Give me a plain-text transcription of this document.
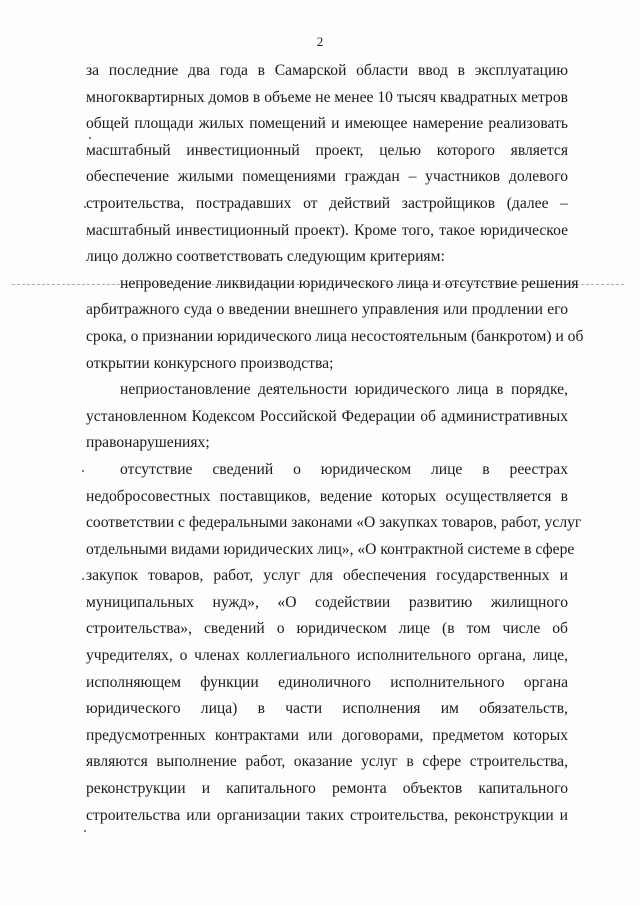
2
за последние два года в Самарской области ввод в эксплуатацию
многоквартирных домов в объеме не менее 10 тысяч квадратных метров
общей площади жилых помещений и имеющее намерение реализовать
масштабный инвестиционный проект, целью которого является
обеспечение жилыми помещениями граждан – участников долевого
строительства, пострадавших от действий застройщиков (далее –
масштабный инвестиционный проект). Кроме того, такое юридическое
лицо должно соответствовать следующим критериям:
непроведение ликвидации юридического лица и отсутствие решения
арбитражного суда о введении внешнего управления или продлении его
срока, о признании юридического лица несостоятельным (банкротом) и об
открытии конкурсного производства;
неприостановление деятельности юридического лица в порядке,
установленном Кодексом Российской Федерации об административных
правонарушениях;
отсутствие сведений о юридическом лице в реестрах
недобросовестных поставщиков, ведение которых осуществляется в
соответствии с федеральными законами «О закупках товаров, работ, услуг
отдельными видами юридических лиц», «О контрактной системе в сфере
закупок товаров, работ, услуг для обеспечения государственных и
муниципальных нужд», «О содействии развитию жилищного
строительства», сведений о юридическом лице (в том числе об
учредителях, о членах коллегиального исполнительного органа, лице,
исполняющем функции единоличного исполнительного органа
юридического лица) в части исполнения им обязательств,
предусмотренных контрактами или договорами, предметом которых
являются выполнение работ, оказание услуг в сфере строительства,
реконструкции и капитального ремонта объектов капитального
строительства или организации таких строительства, реконструкции и
